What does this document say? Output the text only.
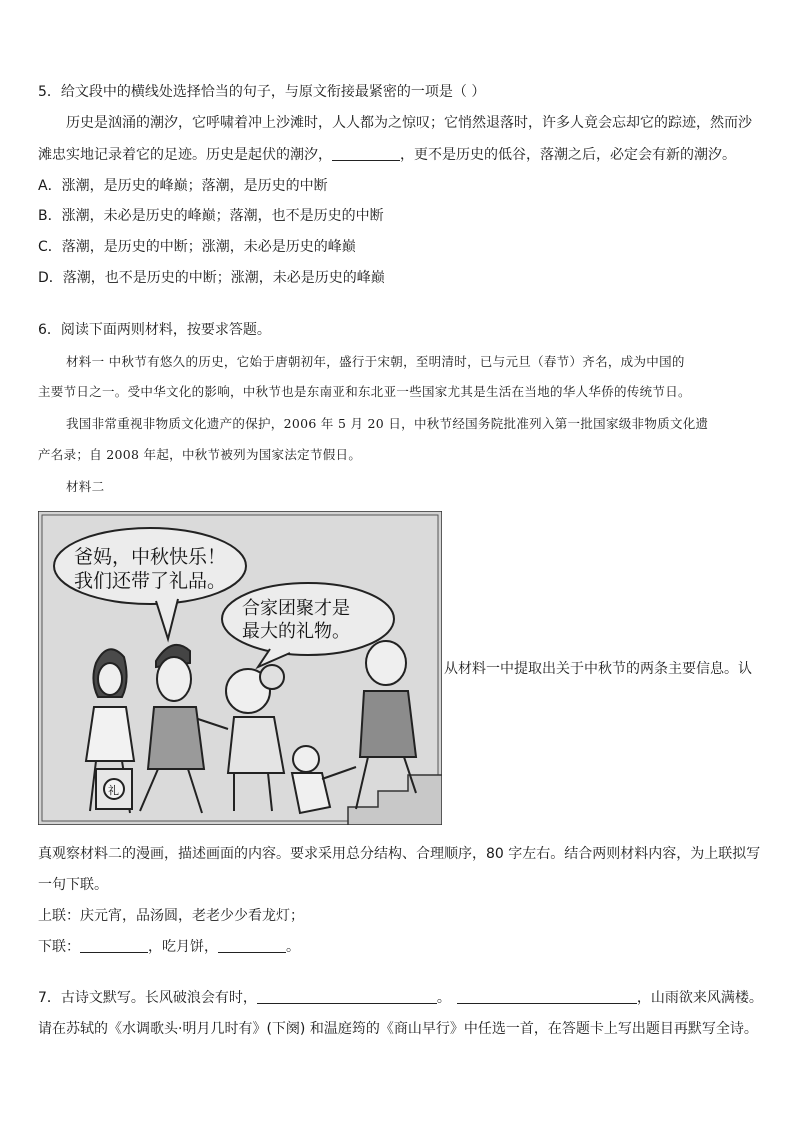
5．给文段中的横线处选择恰当的句子，与原文衔接最紧密的一项是（ ）
历史是汹涌的潮汐，它呼啸着冲上沙滩时，人人都为之惊叹；它悄然退落时，许多人竟会忘却它的踪迹，然而沙
滩忠实地记录着它的足迹。历史是起伏的潮汐，	，更不是历史的低谷，落潮之后，必定会有新的潮汐。
A．涨潮，是历史的峰巅；落潮，是历史的中断
B．涨潮，未必是历史的峰巅；落潮，也不是历史的中断
C．落潮，是历史的中断；涨潮，未必是历史的峰巅
D．落潮，也不是历史的中断；涨潮，未必是历史的峰巅
6．阅读下面两则材料，按要求答题。
材料一 中秋节有悠久的历史，它始于唐朝初年，盛行于宋朝，至明清时，已与元旦（春节）齐名，成为中国的
主要节日之一。受中华文化的影响，中秋节也是东南亚和东北亚一些国家尤其是生活在当地的华人华侨的传统节日。
我国非常重视非物质文化遗产的保护，2006 年 5 月 20 日，中秋节经国务院批准列入第一批国家级非物质文化遗
产名录；自 2008 年起，中秋节被列为国家法定节假日。
材料二
爸妈，中秋快乐！
我们还带了礼品。
合家团聚才是
最大的礼物。
礼
从材料一中提取出关于中秋节的两条主要信息。认
真观察材料二的漫画，描述画面的内容。要求采用总分结构、合理顺序，80 字左右。结合两则材料内容，为上联拟写
一句下联。
上联：庆元宵，品汤圆，老老少少看龙灯；
下联：	，吃月饼，	。
7．古诗文默写。长风破浪会有时，	。	，山雨欲来风满楼。
请在苏轼的《水调歌头·明月几时有》(下阕) 和温庭筠的《商山早行》中任选一首，在答题卡上写出题目再默写全诗。
